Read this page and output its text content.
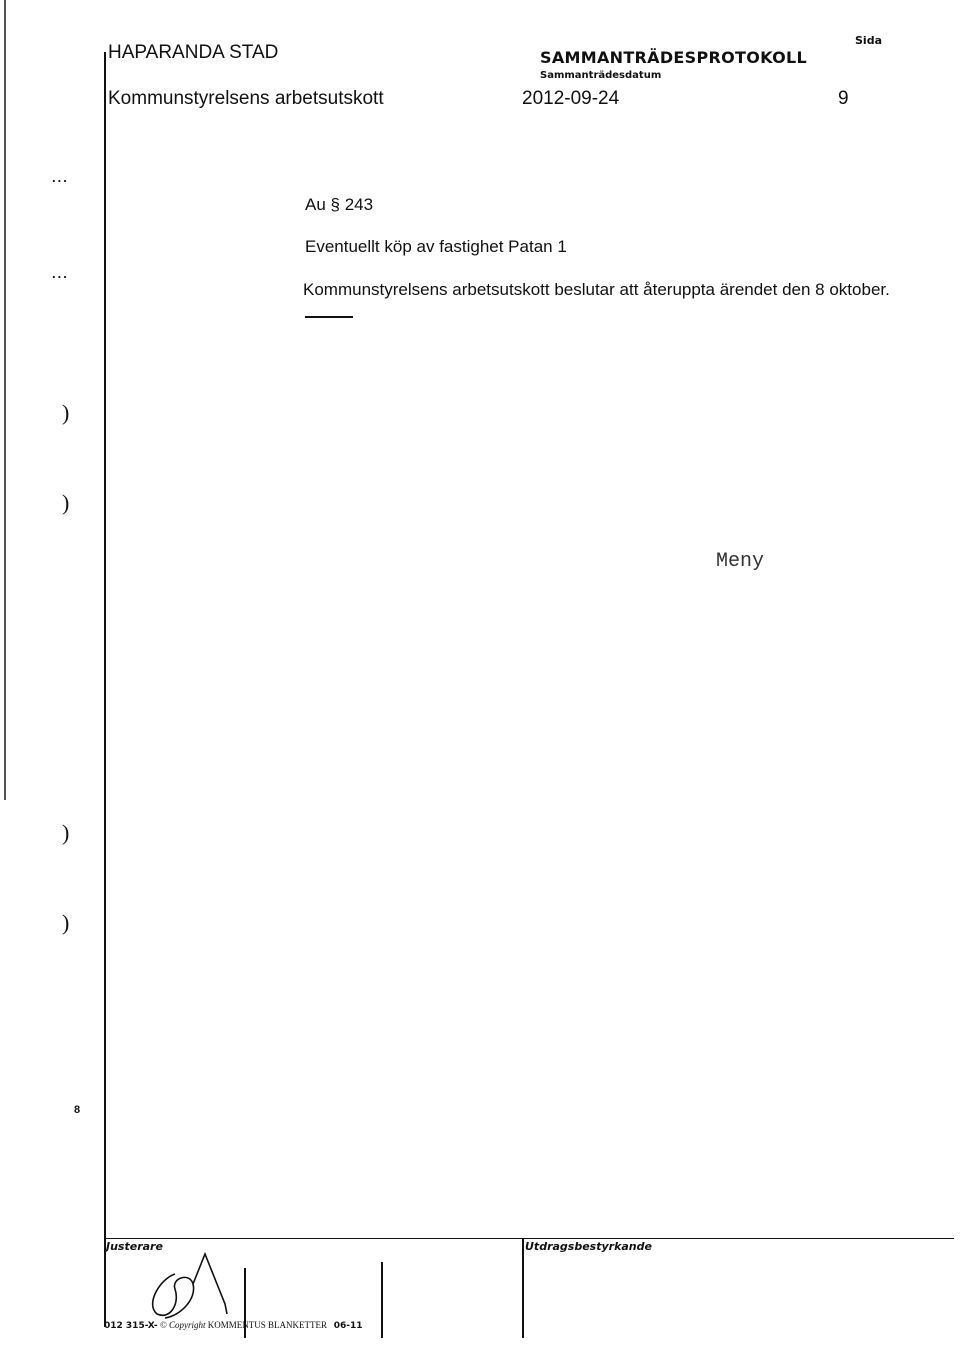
HAPARANDA STAD
Kommunstyrelsens arbetsutskott
SAMMANTRÄDESPROTOKOLL
Sammanträdesdatum
2012-09-24
Sida
9
...
...
)
)
)
)
8
Au § 243
Eventuellt köp av fastighet Patan 1
Kommunstyrelsens arbetsutskott beslutar att återuppta ärendet den 8 oktober.
Meny
Justerare	Utdragsbestyrkande
012 315-X- © Copyright KOMMENTUS BLANKETTER 06-11
